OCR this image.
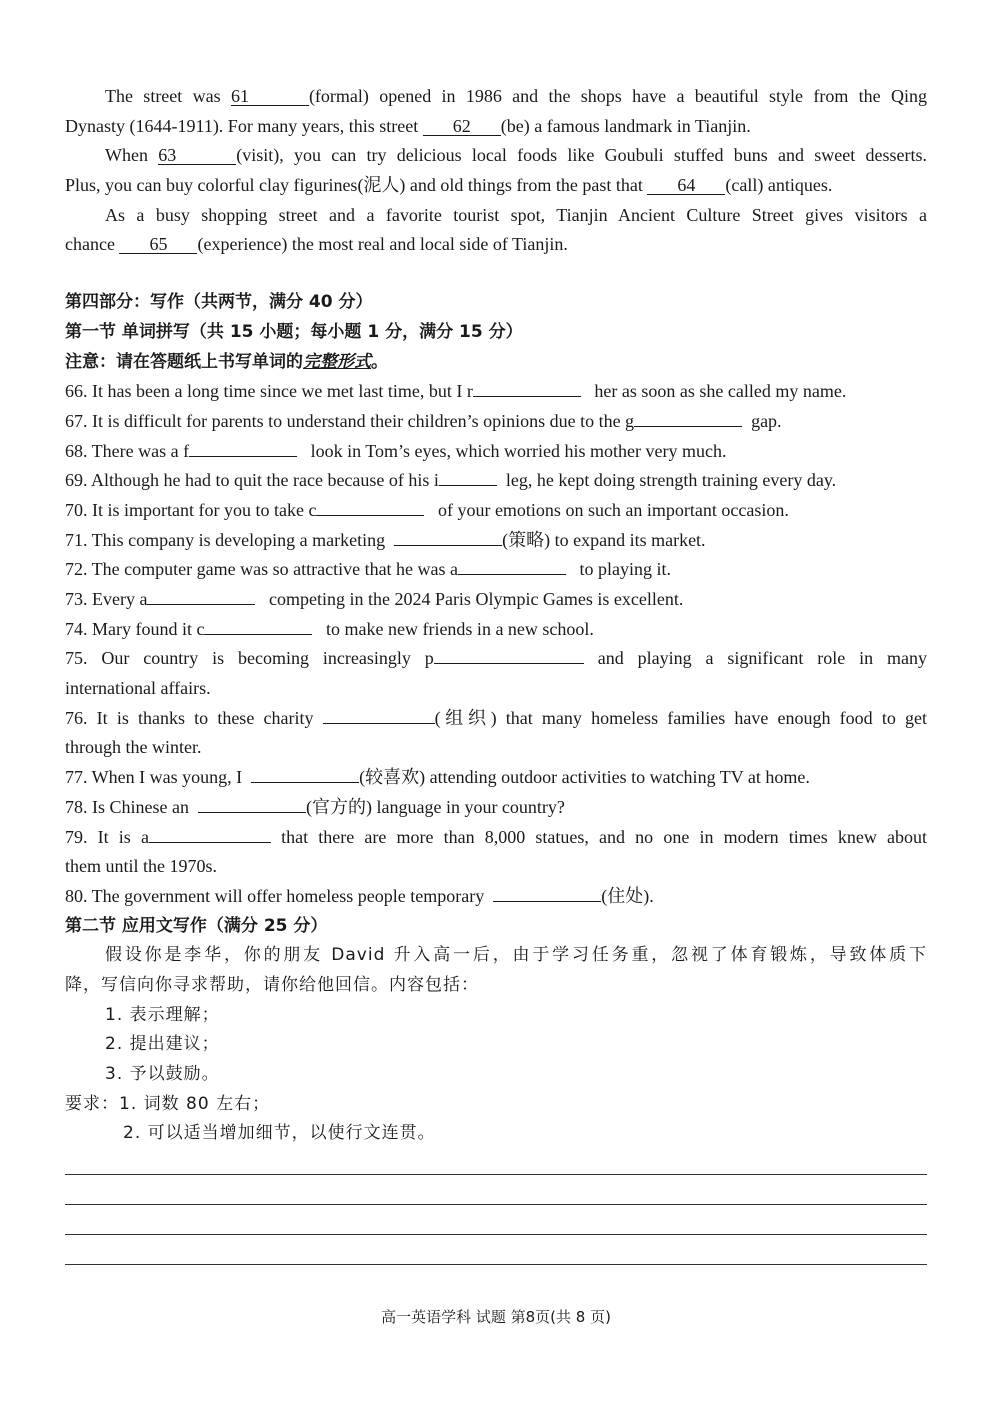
The street was 61	(formal) opened in 1986 and the shops have a beautiful style from the Qing
Dynasty (1644-1911). For many years, this street 62 (be) a famous landmark in Tianjin.
When 63	(visit), you can try delicious local foods like Goubuli stuffed buns and sweet desserts.
Plus, you can buy colorful clay figurines(泥人) and old things from the past that 64 (call) antiques.
As a busy shopping street and a favorite tourist spot, Tianjin Ancient Culture Street gives visitors a
chance 65 (experience) the most real and local side of Tianjin.
第四部分：写作（共两节，满分 40 分）
第一节 单词拼写（共 15 小题；每小题 1 分，满分 15 分）
注意：请在答题纸上书写单词的完整形式。
66. It has been a long time since we met last time, but I r	her as soon as she called my name.
67. It is difficult for parents to understand their children’s opinions due to the g	gap.
68. There was a f	look in Tom’s eyes, which worried his mother very much.
69. Although he had to quit the race because of his i	leg, he kept doing strength training every day.
70. It is important for you to take c	of your emotions on such an important occasion.
71. This company is developing a marketing	(策略) to expand its market.
72. The computer game was so attractive that he was a	to playing it.
73. Every a	competing in the 2024 Paris Olympic Games is excellent.
74. Mary found it c	to make new friends in a new school.
75. Our country is becoming increasingly p	and playing a significant role in many
international affairs.
76. It is thanks to these charity	(组织) that many homeless families have enough food to get
through the winter.
77. When I was young, I	(较喜欢) attending outdoor activities to watching TV at home.
78. Is Chinese an	(官方的) language in your country?
79. It is a	that there are more than 8,000 statues, and no one in modern times knew about
them until the 1970s.
80. The government will offer homeless people temporary	(住处).
第二节 应用文写作（满分 25 分）
假设你是李华，你的朋友 David 升入高一后，由于学习任务重，忽视了体育锻炼，导致体质下
降，写信向你寻求帮助，请你给他回信。内容包括：
1. 表示理解；
2. 提出建议；
3. 予以鼓励。
要求：1. 词数 80 左右；
2. 可以适当增加细节，以使行文连贯。
高一英语学科 试题 第8页(共 8 页)
